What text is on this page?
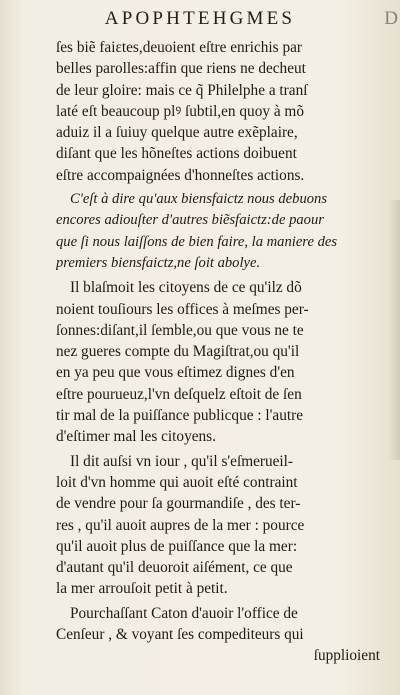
APOPHTEHGMES	D
ſes biẽ faiɛtes,deuoient eſtre enrichis par
belles parolles:affin que riens ne decheut
de leur gloire: mais ce q̃ Philelphe a tranſ
laté eſt beaucoup plꝰ ſubtil,en quoy à mõ
aduiz il a ſuiuy quelque autre exẽplaire,
diſant que les hõneſtes actions doibuent
eſtre accompaignées d'honneſtes actions.
C'eſt à dire qu'aux biensfaictz nous debuons
encores adiouſter d'autres biẽsfaictz:de paour
que ſi nous laiſſons de bien faire, la maniere des
premiers biensfaictz,ne ſoit abolye.
Il blaſmoit les citoyens de ce qu'ilz dõ
noient touſiours les offices à meſmes per-
ſonnes:diſant,il ſemble,ou que vous ne te
nez gueres compte du Magiſtrat,ou qu'il
en ya peu que vous eſtimez dignes d'en
eſtre pourueuz,l'vn deſquelz eſtoit de ſen
tir mal de la puiſſance publicque : l'autre
d'eſtimer mal les citoyens.
Il dit auſsi vn iour , qu'il s'eſmerueil-
loit d'vn homme qui auoit eſté contraint
de vendre pour ſa gourmandiſe , des ter-
res , qu'il auoit aupres de la mer : pource
qu'il auoit plus de puiſſance que la mer:
d'autant qu'il deuoroit aiſément, ce que
la mer arrouſoit petit à petit.
Pourchaſſant Caton d'auoir l'office de
Cenſeur , & voyant ſes compediteurs qui
ſupplioient
